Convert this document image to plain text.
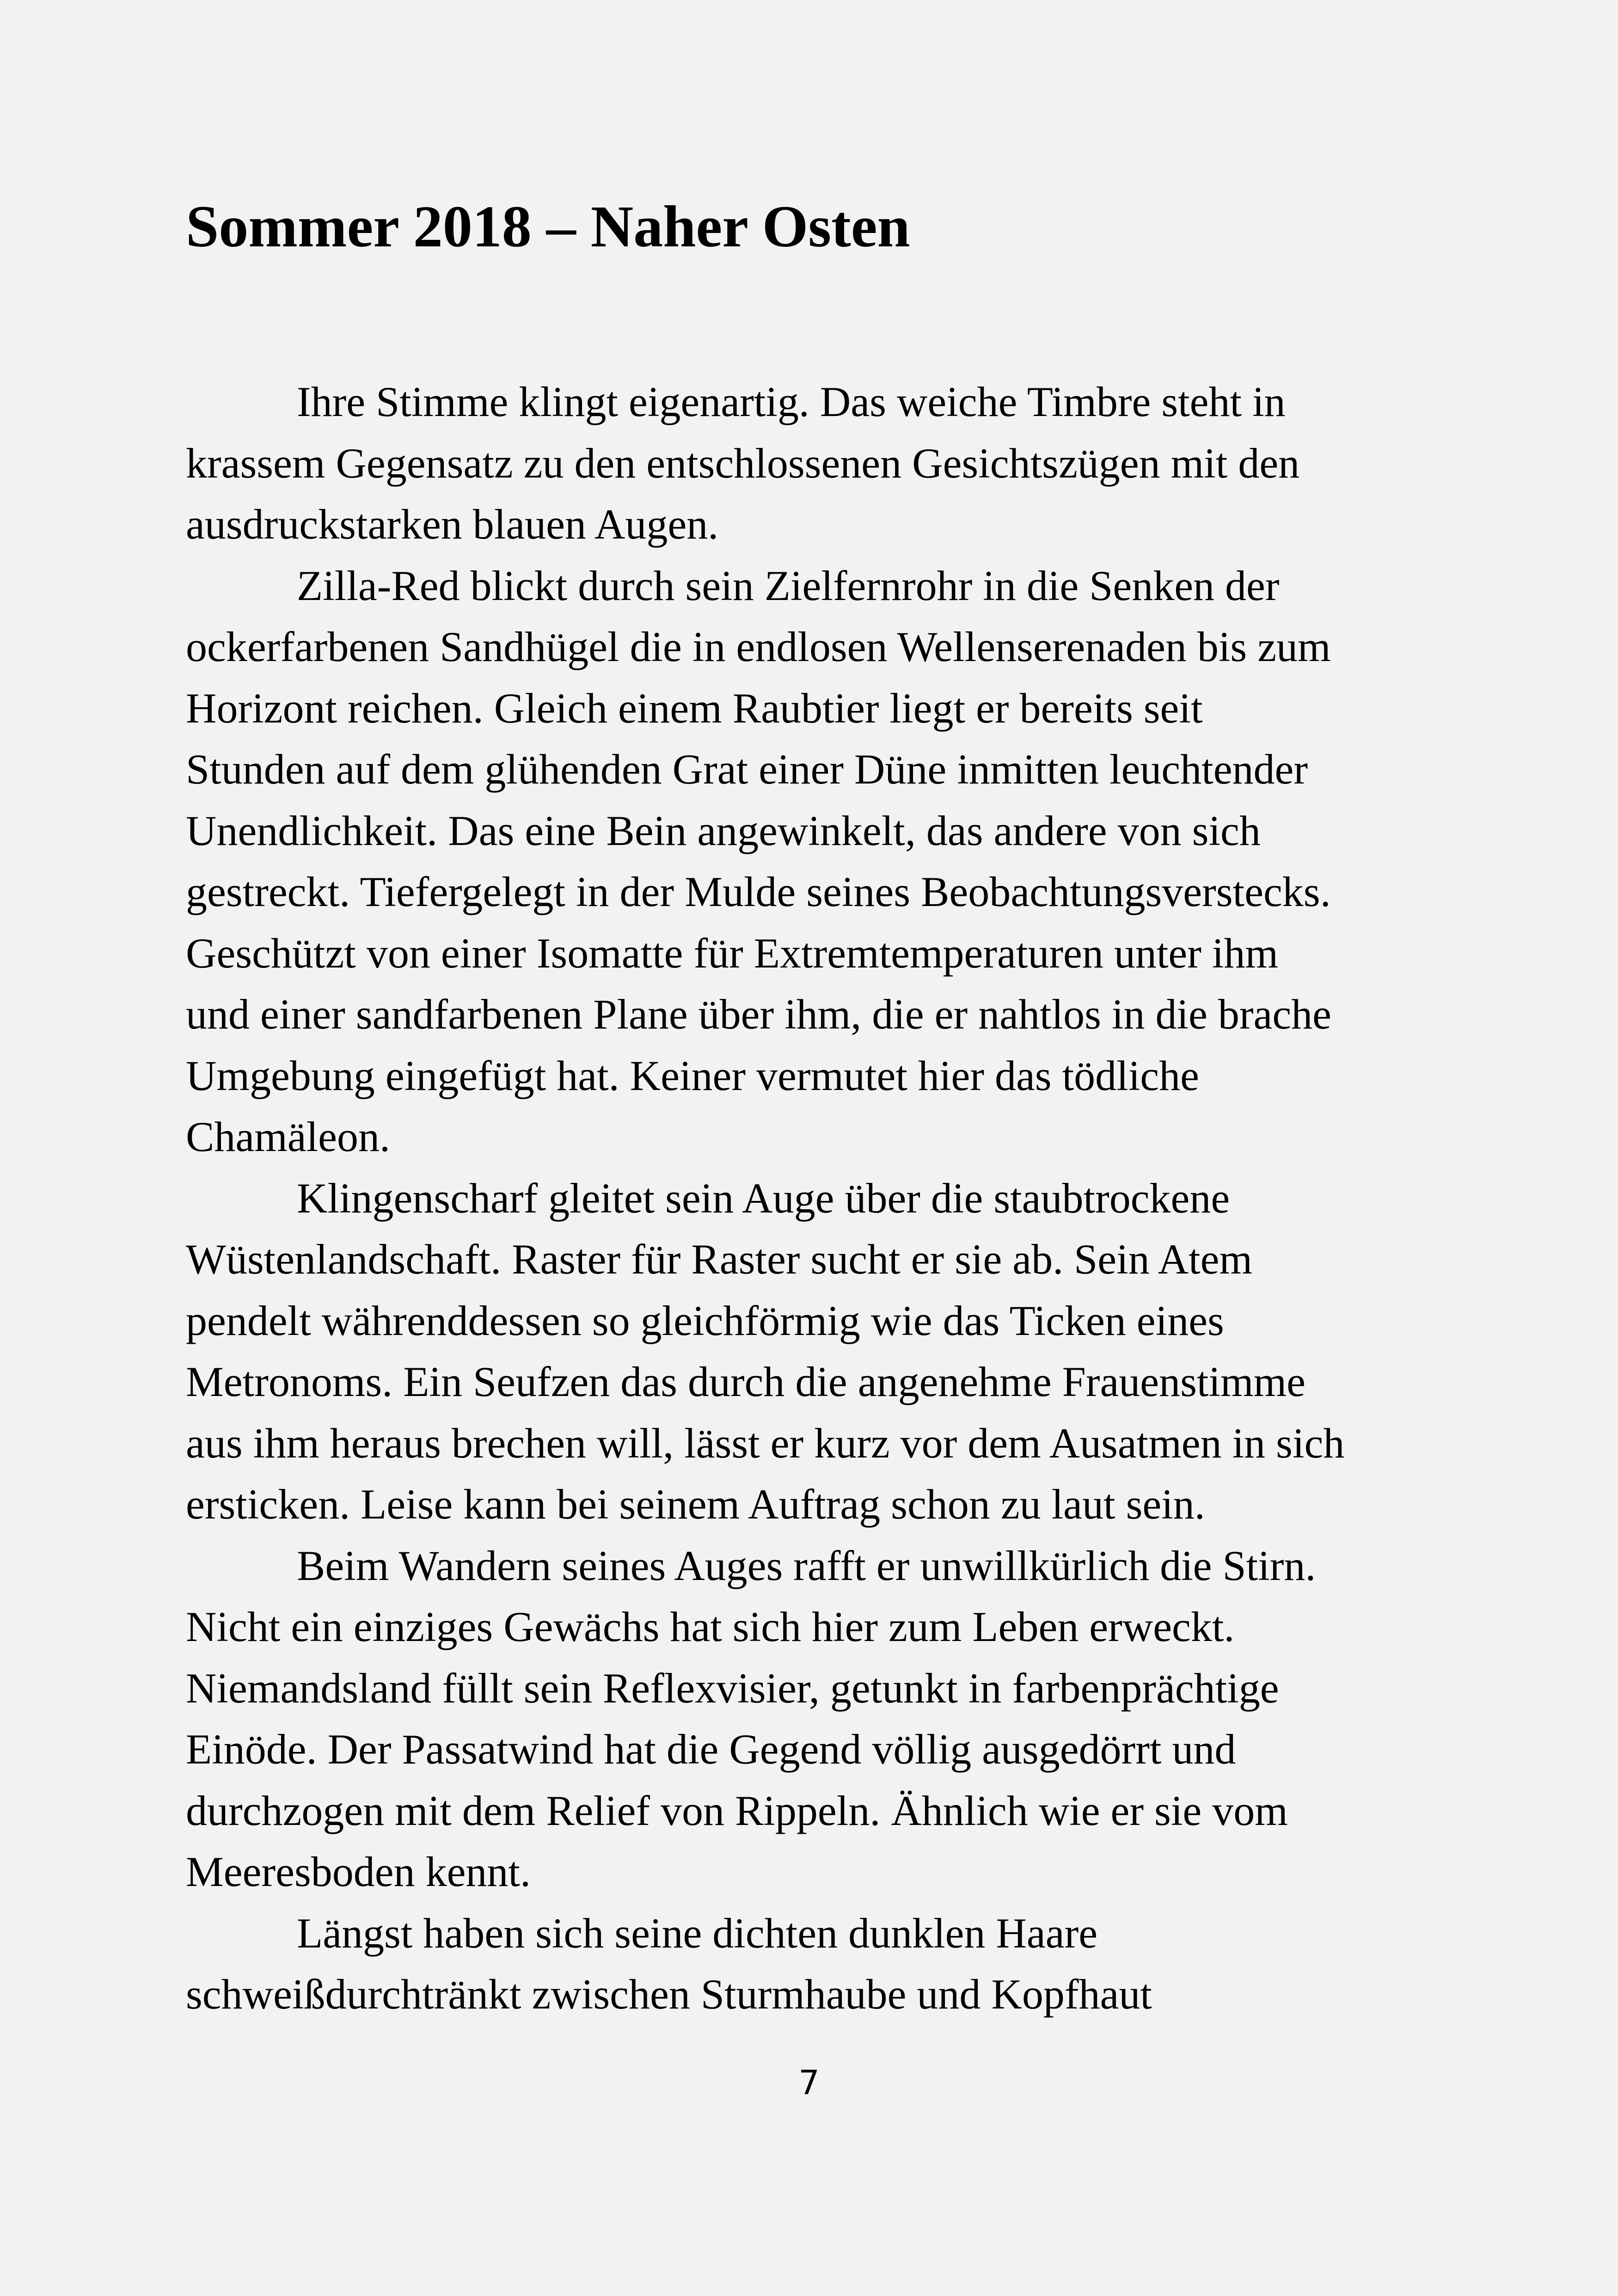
Sommer 2018 – Naher Osten
Ihre Stimme klingt eigenartig. Das weiche Timbre steht in
krassem Gegensatz zu den entschlossenen Gesichtszügen mit den
ausdruckstarken blauen Augen.
Zilla-Red blickt durch sein Zielfernrohr in die Senken der
ockerfarbenen Sandhügel die in endlosen Wellenserenaden bis zum
Horizont reichen. Gleich einem Raubtier liegt er bereits seit
Stunden auf dem glühenden Grat einer Düne inmitten leuchtender
Unendlichkeit. Das eine Bein angewinkelt, das andere von sich
gestreckt. Tiefergelegt in der Mulde seines Beobachtungsverstecks.
Geschützt von einer Isomatte für Extremtemperaturen unter ihm
und einer sandfarbenen Plane über ihm, die er nahtlos in die brache
Umgebung eingefügt hat. Keiner vermutet hier das tödliche
Chamäleon.
Klingenscharf gleitet sein Auge über die staubtrockene
Wüstenlandschaft. Raster für Raster sucht er sie ab. Sein Atem
pendelt währenddessen so gleichförmig wie das Ticken eines
Metronoms. Ein Seufzen das durch die angenehme Frauenstimme
aus ihm heraus brechen will, lässt er kurz vor dem Ausatmen in sich
ersticken. Leise kann bei seinem Auftrag schon zu laut sein.
Beim Wandern seines Auges rafft er unwillkürlich die Stirn.
Nicht ein einziges Gewächs hat sich hier zum Leben erweckt.
Niemandsland füllt sein Reflexvisier, getunkt in farbenprächtige
Einöde. Der Passatwind hat die Gegend völlig ausgedörrt und
durchzogen mit dem Relief von Rippeln. Ähnlich wie er sie vom
Meeresboden kennt.
Längst haben sich seine dichten dunklen Haare
schweißdurchtränkt zwischen Sturmhaube und Kopfhaut
7
